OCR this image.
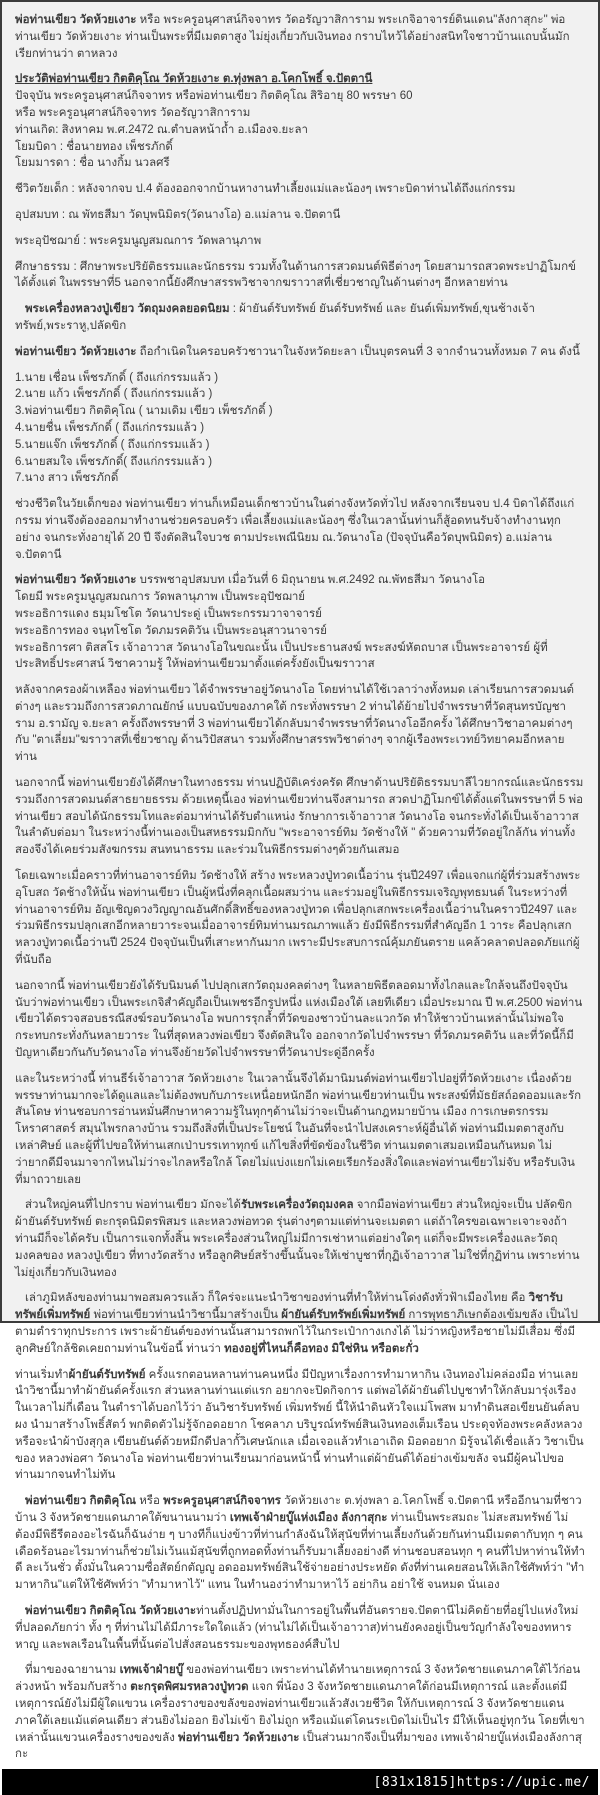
พ่อท่านเขียว วัดห้วยเงาะ หรือ พระครูอนุศาสน์กิจจาทร วัดอรัญวาสิการาม พระเกจิอาจารย์ดินแดน"ลังกาสุกะ" พ่อท่านเขียว วัดห้วยเงาะ ท่านเป็นพระที่มีเมตตาสูง ไม่ยุ่งเกี่ยวกับเงินทอง กราบไหว้ได้อย่างสนิทใจชาวบ้านแถบนั้นมักเรียกท่านว่า ตาหลวง
ประวัติพ่อท่านเขียว กิตติคุโณ วัดห้วยเงาะ ต.ทุ่งพลา อ.โคกโพธิ์ จ.ปัตตานี
ปัจจุบัน พระครูอนุศาสน์กิจจาทร หรือพ่อท่านเขียว กิตติคุโณ สิริอายุ 80 พรรษา 60
หรือ พระครูอนุศาสน์กิจจาทร วัดอรัญวาสิการาม
ท่านเกิด: สิงหาคม พ.ศ.2472 ณ.ตำบลหน้าถ้ำ อ.เมืองจ.ยะลา
โยมบิดา : ชื่อนายทอง เพ็ชรภักดิ์
โยมมารดา : ชื่อ นางกิ้ม นวลศรี
ชีวิตวัยเด็ก : หลังจากจบ ป.4 ต้องออกจากบ้านหางานทำเลี้ยงแม่และน้องๆ เพราะบิดาท่านได้ถึงแก่กรรม
อุปสมบท : ณ พัทธสีมา วัดบุพนิมิตร(วัดนางโอ) อ.แม่ลาน จ.ปัตตานี
พระอุปัชฌาย์ : พระครูมนูญสมณการ วัดพลานุภาพ
ศึกษาธรรม : ศึกษาพระปริยัติธรรมและนักธรรม รวมทั้งในด้านการสวดมนต์พิธีต่างๆ โดยสามารถสวดพระปาฏิโมกข์ได้ตั้งแต่ ในพรรษาที่5 นอกจากนี้ยังศึกษาสรรพวิชาจากฆราวาสที่เชี่ยวชาญในด้านต่างๆ อีกหลายท่าน
พระเครื่องหลวงปู่เขียว วัตถุมงคลยอดนิยม : ผ้ายันต์รับทรัพย์ ยันต์รับทรัพย์ และ ยันต์เพิ่มทรัพย์,ขุนช้างเจ้าทรัพย์,พระราหู,ปลัดขิก
พ่อท่านเขียว วัดห้วยเงาะ ถือกำเนิดในครอบครัวชาวนาในจังหวัดยะลา เป็นบุตรคนที่ 3 จากจำนวนทั้งหมด 7 คน ดังนี้
1.นาย เชื่อน เพ็ชรภักดิ์ ( ถึงแก่กรรมแล้ว )
2.นาย แก้ว เพ็ชรภักดิ์ ( ถึงแก่กรรมแล้ว )
3.พ่อท่านเขียว กิตติคุโณ ( นามเดิม เขียว เพ็ชรภักดิ์ )
4.นายชื่น เพ็ชรภักดิ์ ( ถึงแก่กรรมแล้ว )
5.นายแจ๊ก เพ็ชรภักดิ์ ( ถึงแก่กรรมแล้ว )
6.นายสมใจ เพ็ชรภักดิ์( ถึงแก่กรรมแล้ว )
7.นาง สาว เพ็ชรภักดิ์
ช่วงชีวิตในวัยเด็กของ พ่อท่านเขียว ท่านก็เหมือนเด็กชาวบ้านในต่างจังหวัดทั่วไป หลังจากเรียนจบ ป.4 บิดาได้ถึงแก่กรรม ท่านจึงต้องออกมาทำงานช่วยครอบครัว เพื่อเลี้ยงแม่และน้องๆ ซึ่งในเวลานั้นท่านก็สู้อดทนรับจ้างทำงานทุกอย่าง จนกระทั่งอายุได้ 20 ปี จึงตัดสินใจบวช ตามประเพณีนิยม ณ.วัดนางโอ (ปัจจุบันคือวัดบุพนิมิตร) อ.แม่ลาน จ.ปัตตานี
พ่อท่านเขียว วัดห้วยเงาะ บรรพชาอุปสมบท เมื่อวันที่ 6 มิถุนายน พ.ศ.2492 ณ.พัทธสีมา วัดนางโอ
โดยมี พระครูมนูญสมณการ วัดพลานุภาพ เป็นพระอุปัชฌาย์
พระอธิการแดง ธมฺมโชโต วัดนาประดู่ เป็นพระกรรมวาจาจารย์
พระอธิการทอง จนฺทโชโต วัดภมรคติวัน เป็นพระอนุสาวนาจารย์
พระอธิการศา ติสสโร เจ้าอาวาส วัดนางโอในขณะนั้น เป็นประธานสงฆ์ พระสงฆ์หัตถบาส เป็นพระอาจารย์ ผู้ที่ประสิทธิ์ประศาสน์ วิชาความรู้ ให้พ่อท่านเขียวมาตั้งแต่ครั้งยังเป็นฆราวาส
หลังจากครองผ้าเหลือง พ่อท่านเขียว ได้จำพรรษาอยู่วัดนางโอ โดยท่านได้ใช้เวลาว่างทั้งหมด เล่าเรียนการสวดมนต์ต่างๆ และรวมถึงการสวดภาณยักษ์ แบบฉบับของภาคใต้ กระทั่งพรรษา 2 ท่านได้ย้ายไปจำพรรษาที่วัดสุนทรบัญชาราม อ.รามัญ จ.ยะลา ครั้งถึงพรรษาที่ 3 พ่อท่านเขียวได้กลับมาจำพรรษาที่วัดนางโออีกครั้ง ได้ศึกษาวิชาอาคมต่างๆ กับ "ตาเลี่ยม"ฆราวาสที่เชี่ยวชาญ ด้านวิปัสสนา รวมทั้งศึกษาสรรพวิชาต่างๆ จากผู้เรืองพระเวทย์วิทยาคมอีกหลายท่าน
นอกจากนี้ พ่อท่านเขียวยังได้ศึกษาในทางธรรม ท่านปฏิบัติเคร่งครัด ศึกษาด้านปริยัติธรรมบาลีไวยากรณ์และนักธรรม รวมถึงการสวดมนต์สาธยายธรรม ด้วยเหตุนี้เอง พ่อท่านเขียวท่านจึงสามารถ สวดปาฏิโมกข์ได้ตั้งแต่ในพรรษาที่ 5 พ่อท่านเขียว สอบได้นักธรรมโทและต่อมาท่านได้รับตำแหน่ง รักษาการเจ้าอาวาส วัดนางโอ จนกระทั่งได้เป็นเจ้าอาวาสในลำดับต่อมา ในระหว่างนี้ท่านเองเป็นสหธรรมมิกกับ "พระอาจารย์ทิม วัดช้างให้ " ด้วยความที่วัดอยู่ใกล้กัน ท่านทั้งสองจึงได้เคยร่วมสังฆกรรม สนทนาธรรม และร่วมในพิธีกรรมต่างๆด้วยกันเสมอ
โดยเฉพาะเมื่อคราวที่ท่านอาจารย์ทิม วัดช้างให้ สร้าง พระหลวงปู่ทวดเนื้อว่าน รุ่นปี2497 เพื่อแจกแก่ผู้ที่ร่วมสร้างพระอุโบสถ วัดช้างให้นั้น พ่อท่านเขียว เป็นผู้หนึ่งที่คลุกเนื้อผสมว่าน และร่วมอยู่ในพิธีกรรมเจริญพุทธมนต์ ในระหว่างที่ท่านอาจารย์ทิม อัญเชิญดวงวิญญาณอันศักดิ์สิทธิ์ของหลวงปู่ทวด เพื่อปลุกเสกพระเครื่องเนื้อว่านในคราวปี2497 และร่วมพิธีกรรมปลุกเสกอีกหลายวาระจนเมื่ออาจารย์ทิมท่านมรณภาพแล้ว ยังมีพิธีกรรมที่สำคัญอีก 1 วาระ คือปลุกเสกหลวงปู่ทวดเนื้อว่านปี 2524 ปัจจุบันเป็นที่เสาะหากันมาก เพราะมีประสบการณ์คุ้มภยันตราย แคล้วคลาดปลอดภัยแก่ผู้ที่นับถือ
นอกจากนี้ พ่อท่านเขียวยังได้รับนิมนต์ ไปปลุกเสกวัตถุมงคลต่างๆ ในหลายพิธีตลอดมาทั้งไกลและใกล้จนถึงปัจจุบัน นับว่าพ่อท่านเขียว เป็นพระเกจิสำคัญถือเป็นเพชรอีกรูปหนึ่ง แห่งเมืองใต้ เลยทีเดียว เมื่อประมาณ ปี พ.ศ.2500 พ่อท่านเขียวได้ตรวจสอบธรณีสงฆ์รอบวัดนางโอ พบการรุกล้ำที่วัดของชาวบ้านละแวกวัด ทำให้ชาวบ้านเหล่านั้นไม่พอใจ กระทบกระทั่งกันหลายวาระ ในที่สุดหลวงพ่อเขียว จึงตัดสินใจ ออกจากวัดไปจำพรรษา ที่วัดภมรคติวัน และที่วัดนี้ก็มีปัญหาเดียวกันกับวัดนางโอ ท่านจึงย้ายวัดไปจำพรรษาที่วัดนาประดู่อีกครั้ง
และในระหว่างนี้ ท่านธีร์เจ้าอาวาส วัดห้วยเงาะ ในเวลานั้นจึงได้มานิมนต์พ่อท่านเขียวไปอยู่ที่วัดห้วยเงาะ เนื่องด้วยพรรษาท่านมากจะได้ดูแลและไม่ต้องพบกับภาระเหนื่อยหนักอีก พ่อท่านเขียวท่านเป็น พระสงฆ์ที่มัธยัสถ์อดออมและรักสันโดษ ท่านชอบการอ่านหมั่นศึกษาหาความรู้ในทุกๆด้านไม่ว่าจะเป็นด้านกฎหมายบ้าน เมือง การเกษตรกรรม โหราศาสตร์ สมุนไพรกลางบ้าน รวมถึงสิ่งที่เป็นประโยชน์ ในอันที่จะนำไปสงเคราะห์ผู้อื่นได้ พ่อท่านมีเมตตาสูงกับเหล่าศิษย์ และผู้ที่ไปขอให้ท่านเสกเป่าบรรเทาทุกข์ แก้ไขสิ่งที่ขัดข้องในชีวิต ท่านเมตตาเสมอเหมือนกันหมด ไม่ว่ายากดีมีจนมาจากไหนไม่ว่าจะไกลหรือใกล้ โดยไม่แบ่งแยกไม่เคยเรียกร้องสิ่งใดและพ่อท่านเขียวไม่จับ หรือรับเงินที่มาถวายเลย
ส่วนใหญ่คนที่ไปกราบ พ่อท่านเขียว มักจะได้รับพระเครื่องวัตถุมงคล จากมือพ่อท่านเขียว ส่วนใหญ่จะเป็น ปลัดขิก ผ้ายันต์รับทรัพย์ ตะกรุดนิมิตรพิสมร และหลวงพ่อทวด รุ่นต่างๆตามแต่ท่านจะเมตตา แต่ถ้าใครขอเฉพาะเจาะจงถ้าท่านมีก็จะได้ครับ เป็นการแจกทั้งสิ้น พระเครื่องส่วนใหญ่ไม่มีการเช่าหาแต่อย่างใดๆ แต่ก็จะมีพระเครื่องและวัตถุมงคลของ หลวงปู่เขียว ที่ทางวัดสร้าง หรือลูกศิษย์สร้างขึ้นนั้นจะให้เช่าบูชาที่กุฏิเจ้าอาวาส ไม่ใช่ที่กุฏิท่าน เพราะท่านไม่ยุ่งเกี่ยวกับเงินทอง
เล่าภูมิหลังของท่านมาพอสมควรแล้ว ก็ใคร่จะแนะนำวิชาของท่านที่ทำให้ท่านโด่งดังทั่วฟ้าเมืองไทย คือ วิชารับทรัพย์เพิ่มทรัพย์ พ่อท่านเขียวท่านนำวิชานี้มาสร้างเป็น ผ้ายันต์รับทรัพย์เพิ่มทรัพย์ การพุทธาภิเษกต้องเข้มขลัง เป็นไปตามตำราทุกประการ เพราะผ้ายันต์ของท่านนั้นสามารถพกไว้ในกระเป๋ากางเกงได้ ไม่ว่าหญิงหรือชายไม่มีเสื่อม ซึ่งมีลูกศิษย์ใกล้ชิดเคยถามท่านในข้อนี้ ท่านว่า ทองอยู่ที่ไหนก็คือทอง มิใช่หิน หรือตะกั่ว
ท่านเริ่มทำผ้ายันต์รับทรัพย์ ครั้งแรกตอนหลานท่านคนหนึ่ง มีปัญหาเรื่องการทำมาหากิน เงินทองไม่คล่องมือ ท่านเลยนำวิชานี้มาทำผ้ายันต์ครั้งแรก ส่วนหลานท่านแต่แรก อยากจะปิดกิจการ แต่พอได้ผ้ายันต์ไปบูชาทำให้กลับมารุ่งเรืองในเวลาไม่กี่เดือน ในตำราได้บอกไว้ว่า อันวิชารับทรัพย์ เพิ่มทรัพย์ นี้ให้นำดินหัวใจแม่โพสพ มาทำดินสอเขียนยันต์ลบผง นำมาสร้างโพธิ์สัตว์ พกติดตัวไม่รู้จักอดอยาก โชคลาภ บริบูรณ์ทรัพย์สินเงินทองเต็มเรือน ประดุจท้องพระคลังหลวง หรือจะนำผ้าบังสุกุล เขียนยันต์ด้วยหมึกดีปลากั้วิเศษนักแล เมื่อเจอแล้วทำเอาเถิด มิอดอยาก มิรู้จนได้เชื่อแล้ว วิชาเป็นของ หลวงพ่อศา วัดนางโอ พ่อท่านเขียวท่านเรียนมาก่อนหน้านี้ ท่านทำแต่ผ้ายันต์ได้อย่างเข้มขลัง จนมีผู้คนไปขอท่านมากจนทำไม่ทัน
พ่อท่านเขียว กิตติคุโณ หรือ พระครูอนุศาสน์กิจจาทร วัดห้วยเงาะ ต.ทุ่งพลา อ.โคกโพธิ์ จ.ปัตตานี หรืออีกนามที่ชาวบ้าน 3 จังหวัดชายแดนภาคใต้ขนานนามว่า เทพเจ้าฝ่ายบู๊แห่งเมือง ลังกาสุกะ ท่านเป็นพระสมถะ ไม่สะสมทรัพย์ ไม่ต้องมีพิธีรีตองอะไรฉันก็ฉันง่าย ๆ บางทีก็แบ่งข้าวที่ท่านกำลังฉันให้สุนัขที่ท่านเลี้ยงกันด้วยกันท่านมีเมตตากับทุก ๆ คน เดือดร้อนอะไรมาท่านก็ช่วยไม่เว้นแม้สุนัขที่ถูกทอดทิ้งท่านก็รับมาเลี้ยงอย่างดี ท่านชอบสอนทุก ๆ คนที่ไปหาท่านให้ทำดี ละเว้นชั่ว ตั้งมั่นในความซื่อสัตย์กตัญญู อดออมทรัพย์สินใช้จ่ายอย่างประหยัด ดังที่ท่านเคยสอนให้เลิกใช้ศัพท์ว่า "ทำมาหากิน"แต่ให้ใช้ศัพท์ว่า "ทำมาหาไว้" แทน ในทำนองว่าทำมาหาไว้ อย่ากิน อย่าใช้ จนหมด นั่นเอง
พ่อท่านเขียว กิตติคุโณ วัดห้วยเงาะท่านตั้งปฏิปทามั่นในการอยู่ในพื้นที่อันตรายจ.ปัตตานีไม่คิดย้ายที่อยู่ไปแห่งใหม่ที่ปลอดภัยกว่า ทั้ง ๆ ที่ท่านไม่ได้มีภาระใดใดแล้ว (ท่านไม่ได้เป็นเจ้าอาวาส)ท่านยังคงอยู่เป็นขวัญกำลังใจของทหารหาญ และพลเรือนในพื้นที่นั้นต่อไปสั่งสอนธรรมะของพุทธองค์สืบไป
ที่มาของฉายานาม เทพเจ้าฝ่ายบู๊ ของพ่อท่านเขียว เพราะท่านได้ทำนายเหตุการณ์ 3 จังหวัดชายแดนภาคใต้ไว้ก่อนล่วงหน้า พร้อมกับสร้าง ตะกรุดพิศมรหลวงปู่ทวด แจก พี่น้อง 3 จังหวัดชายแดนภาคใต้ก่อนมีเหตุการณ์ และตั้งแต่มีเหตุการณ์ยังไม่มีผู้ใดแขวน เครื่องรางของขลังของพ่อท่านเขียวแล้วสังเวยชีวิต ให้กับเหตุการณ์ 3 จังหวัดชายแดนภาคใต้เลยแม้แต่คนเดียว ส่วนยิงไม่ออก ยิงไม่เข้า ยิงไม่ถูก หรือแม้แต่โดนระเบิดไม่เป็นไร มีให้เห็นอยู่ทุกวัน โดยที่เขาเหล่านั้นแขวนเครื่องรางของขลัง พ่อท่านเขียว วัดห้วยเงาะ เป็นส่วนมากจึงเป็นที่มาของ เทพเจ้าฝ่ายบู๊แห่งเมืองลังกาสุกะ
[831x1815]https://upic.me/
